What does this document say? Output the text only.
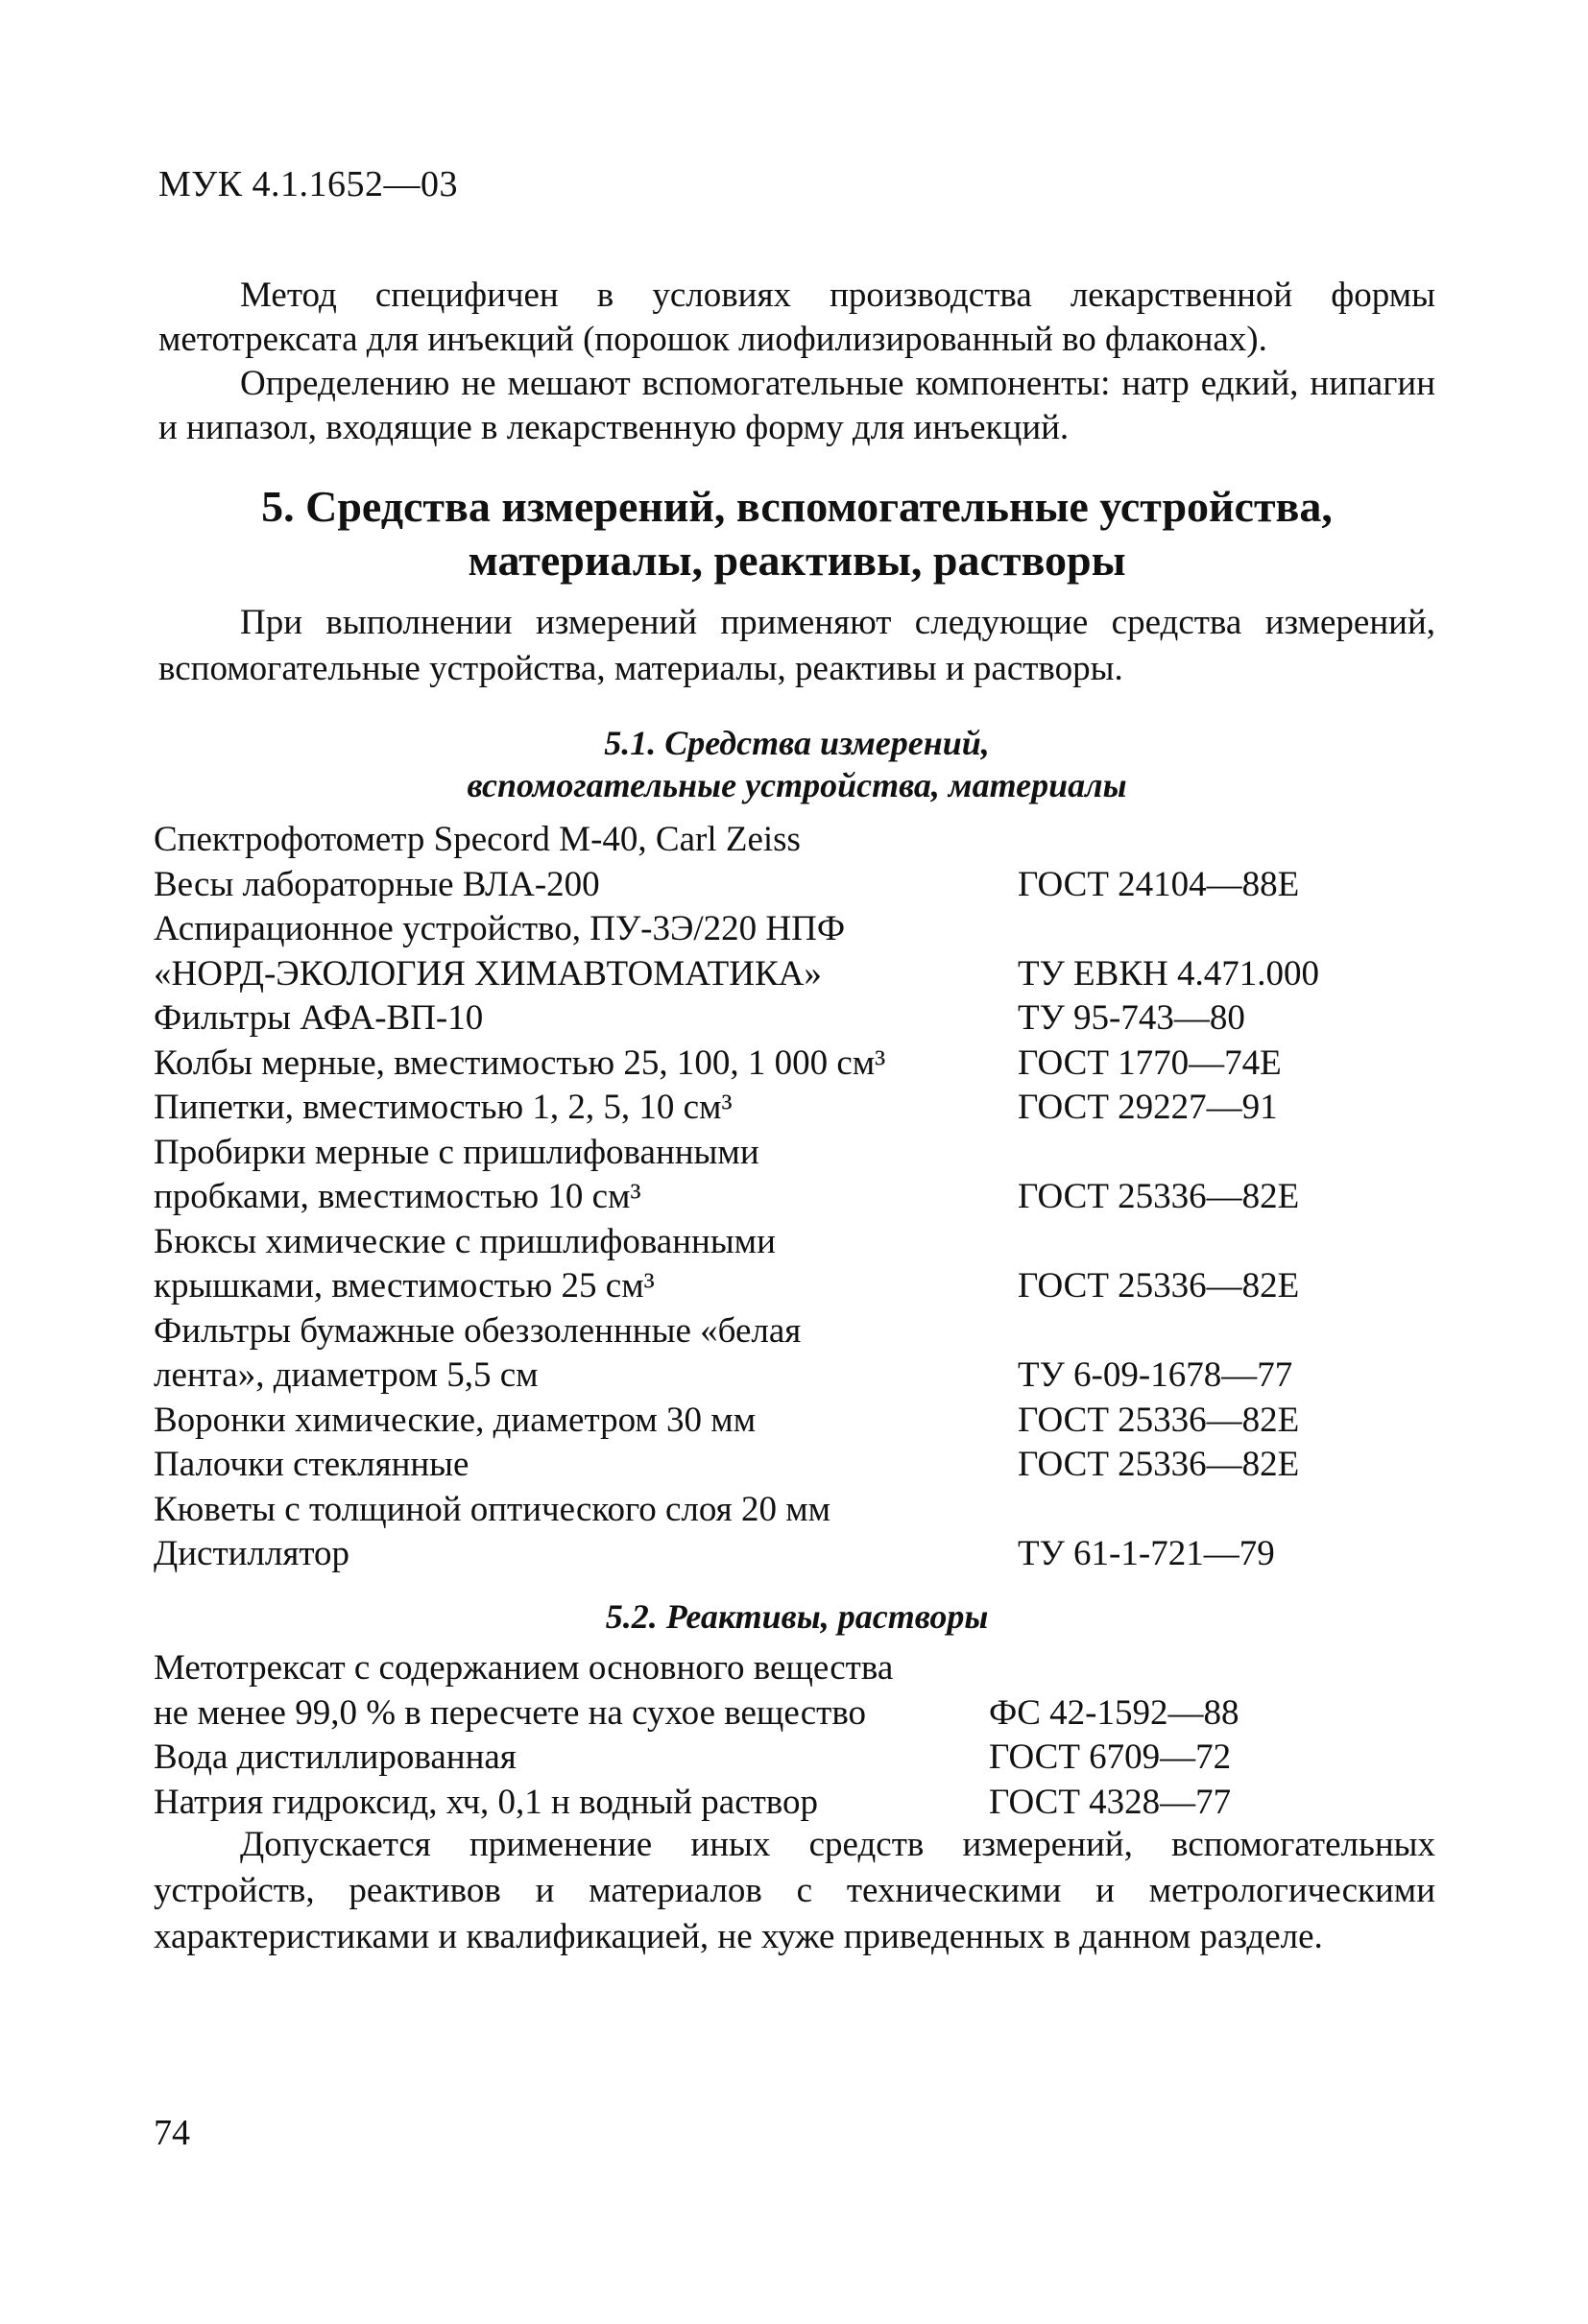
МУК 4.1.1652—03

Метод специфичен в условиях производства лекарственной формы метотрексата для инъекций (порошок лиофилизированный во флаконах).

Определению не мешают вспомогательные компоненты: натр едкий, нипагин и нипазол, входящие в лекарственную форму для инъекций.

5. Средства измерений, вспомогательные устройства,
материалы, реактивы, растворы

При выполнении измерений применяют следующие средства измерений, вспомогательные устройства, материалы, реактивы и растворы.

5.1. Средства измерений,
вспомогательные устройства, материалы
Спектрофотометр Specord M-40, Carl Zeiss
Весы лабораторные ВЛА-200	ГОСТ 24104—88Е
Аспирационное устройство, ПУ-3Э/220 НПФ
«НОРД-ЭКОЛОГИЯ ХИМАВТОМАТИКА»	ТУ ЕВКН 4.471.000
Фильтры АФА-ВП-10	ТУ 95-743—80
Колбы мерные, вместимостью 25, 100, 1 000 см³	ГОСТ 1770—74Е
Пипетки, вместимостью 1, 2, 5, 10 см³	ГОСТ 29227—91
Пробирки мерные с пришлифованными
пробками, вместимостью 10 см³	ГОСТ 25336—82Е
Бюксы химические с пришлифованными
крышками, вместимостью 25 см³	ГОСТ 25336—82Е
Фильтры бумажные обеззоленнные «белая
лента», диаметром 5,5 см	ТУ 6-09-1678—77
Воронки химические, диаметром 30 мм	ГОСТ 25336—82Е
Палочки стеклянные	ГОСТ 25336—82Е
Кюветы с толщиной оптического слоя 20 мм
Дистиллятор	ТУ 61-1-721—79
5.2. Реактивы, растворы
Метотрексат с содержанием основного вещества
не менее 99,0 % в пересчете на сухое вещество	ФС 42-1592—88
Вода дистиллированная	ГОСТ 6709—72
Натрия гидроксид, хч, 0,1 н водный раствор	ГОСТ 4328—77

Допускается применение иных средств измерений, вспомогательных устройств, реактивов и материалов с техническими и метрологическими характеристиками и квалификацией, не хуже приведенных в данном разделе.

74
